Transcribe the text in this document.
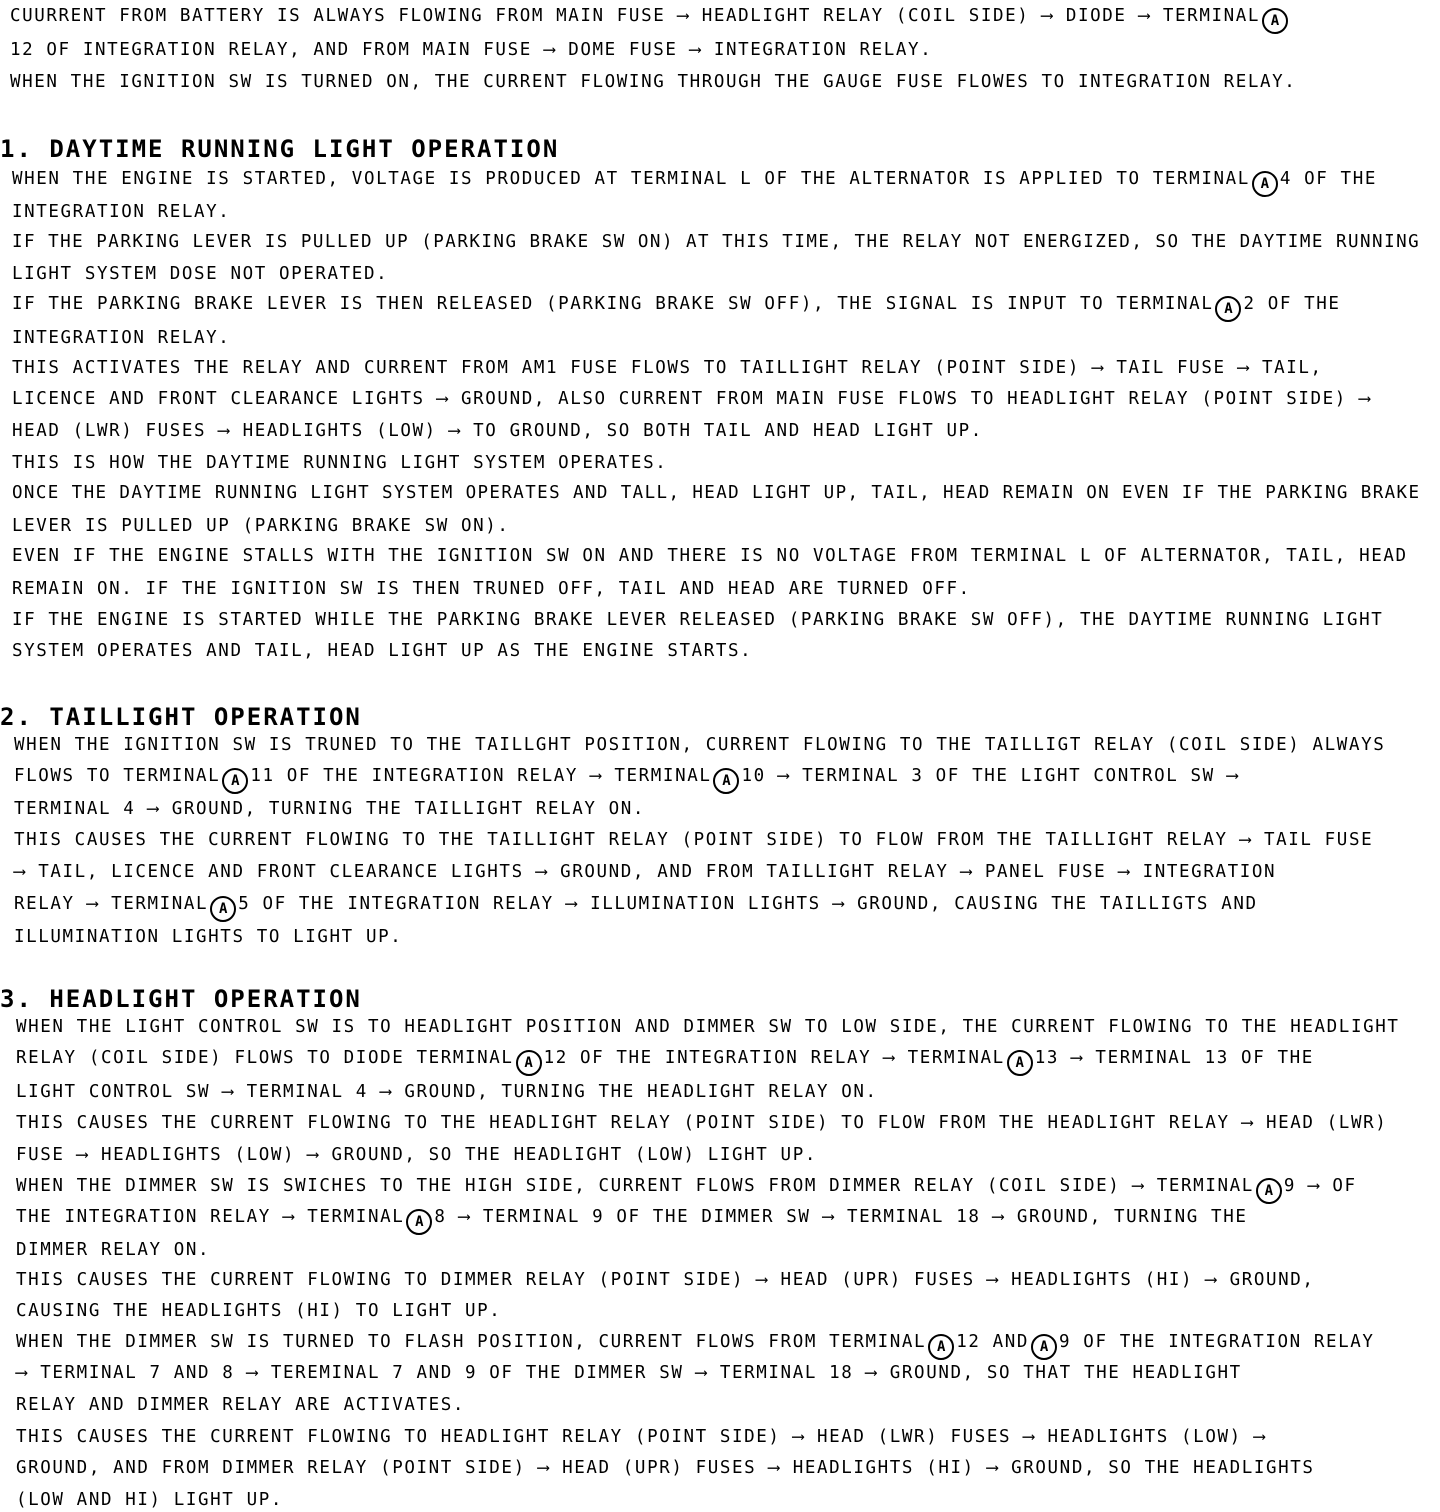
CUURRENT FROM BATTERY IS ALWAYS FLOWING FROM MAIN FUSE ⟶ HEADLIGHT RELAY (COIL SIDE) ⟶ DIODE ⟶ TERMINAL A
12 OF INTEGRATION RELAY, AND FROM MAIN FUSE ⟶ DOME FUSE ⟶ INTEGRATION RELAY.
WHEN THE IGNITION SW IS TURNED ON, THE CURRENT FLOWING THROUGH THE GAUGE FUSE FLOWES TO INTEGRATION RELAY.
1. DAYTIME RUNNING LIGHT OPERATION
WHEN THE ENGINE IS STARTED, VOLTAGE IS PRODUCED AT TERMINAL L OF THE ALTERNATOR IS APPLIED TO TERMINAL A 4 OF THE
INTEGRATION RELAY.
IF THE PARKING LEVER IS PULLED UP (PARKING BRAKE SW ON) AT THIS TIME, THE RELAY NOT ENERGIZED, SO THE DAYTIME RUNNING
LIGHT SYSTEM DOSE NOT OPERATED.
IF THE PARKING BRAKE LEVER IS THEN RELEASED (PARKING BRAKE SW OFF), THE SIGNAL IS INPUT TO TERMINAL A 2 OF THE
INTEGRATION RELAY.
THIS ACTIVATES THE RELAY AND CURRENT FROM AM1 FUSE FLOWS TO TAILLIGHT RELAY (POINT SIDE) ⟶ TAIL FUSE ⟶ TAIL,
LICENCE AND FRONT CLEARANCE LIGHTS ⟶ GROUND, ALSO CURRENT FROM MAIN FUSE FLOWS TO HEADLIGHT RELAY (POINT SIDE) ⟶
HEAD (LWR) FUSES ⟶ HEADLIGHTS (LOW) ⟶ TO GROUND, SO BOTH TAIL AND HEAD LIGHT UP.
THIS IS HOW THE DAYTIME RUNNING LIGHT SYSTEM OPERATES.
ONCE THE DAYTIME RUNNING LIGHT SYSTEM OPERATES AND TALL, HEAD LIGHT UP, TAIL, HEAD REMAIN ON EVEN IF THE PARKING BRAKE
LEVER IS PULLED UP (PARKING BRAKE SW ON).
EVEN IF THE ENGINE STALLS WITH THE IGNITION SW ON AND THERE IS NO VOLTAGE FROM TERMINAL L OF ALTERNATOR, TAIL, HEAD
REMAIN ON. IF THE IGNITION SW IS THEN TRUNED OFF, TAIL AND HEAD ARE TURNED OFF.
IF THE ENGINE IS STARTED WHILE THE PARKING BRAKE LEVER RELEASED (PARKING BRAKE SW OFF), THE DAYTIME RUNNING LIGHT
SYSTEM OPERATES AND TAIL, HEAD LIGHT UP AS THE ENGINE STARTS.
2. TAILLIGHT OPERATION
WHEN THE IGNITION SW IS TRUNED TO THE TAILLGHT POSITION, CURRENT FLOWING TO THE TAILLIGT RELAY (COIL SIDE) ALWAYS
FLOWS TO TERMINAL A 11 OF THE INTEGRATION RELAY ⟶ TERMINAL A 10 ⟶ TERMINAL 3 OF THE LIGHT CONTROL SW ⟶
TERMINAL 4 ⟶ GROUND, TURNING THE TAILLIGHT RELAY ON.
THIS CAUSES THE CURRENT FLOWING TO THE TAILLIGHT RELAY (POINT SIDE) TO FLOW FROM THE TAILLIGHT RELAY ⟶ TAIL FUSE
⟶ TAIL, LICENCE AND FRONT CLEARANCE LIGHTS ⟶ GROUND, AND FROM TAILLIGHT RELAY ⟶ PANEL FUSE ⟶ INTEGRATION
RELAY ⟶ TERMINAL A 5 OF THE INTEGRATION RELAY ⟶ ILLUMINATION LIGHTS ⟶ GROUND, CAUSING THE TAILLIGTS AND
ILLUMINATION LIGHTS TO LIGHT UP.
3. HEADLIGHT OPERATION
WHEN THE LIGHT CONTROL SW IS TO HEADLIGHT POSITION AND DIMMER SW TO LOW SIDE, THE CURRENT FLOWING TO THE HEADLIGHT
RELAY (COIL SIDE) FLOWS TO DIODE TERMINAL A 12 OF THE INTEGRATION RELAY ⟶ TERMINAL A 13 ⟶ TERMINAL 13 OF THE
LIGHT CONTROL SW ⟶ TERMINAL 4 ⟶ GROUND, TURNING THE HEADLIGHT RELAY ON.
THIS CAUSES THE CURRENT FLOWING TO THE HEADLIGHT RELAY (POINT SIDE) TO FLOW FROM THE HEADLIGHT RELAY ⟶ HEAD (LWR)
FUSE ⟶ HEADLIGHTS (LOW) ⟶ GROUND, SO THE HEADLIGHT (LOW) LIGHT UP.
WHEN THE DIMMER SW IS SWICHES TO THE HIGH SIDE, CURRENT FLOWS FROM DIMMER RELAY (COIL SIDE) ⟶ TERMINAL A 9 ⟶ OF
THE INTEGRATION RELAY ⟶ TERMINAL A 8 ⟶ TERMINAL 9 OF THE DIMMER SW ⟶ TERMINAL 18 ⟶ GROUND, TURNING THE
DIMMER RELAY ON.
THIS CAUSES THE CURRENT FLOWING TO DIMMER RELAY (POINT SIDE) ⟶ HEAD (UPR) FUSES ⟶ HEADLIGHTS (HI) ⟶ GROUND,
CAUSING THE HEADLIGHTS (HI) TO LIGHT UP.
WHEN THE DIMMER SW IS TURNED TO FLASH POSITION, CURRENT FLOWS FROM TERMINAL A 12 AND A 9 OF THE INTEGRATION RELAY
⟶ TERMINAL 7 AND 8 ⟶ TEREMINAL 7 AND 9 OF THE DIMMER SW ⟶ TERMINAL 18 ⟶ GROUND, SO THAT THE HEADLIGHT
RELAY AND DIMMER RELAY ARE ACTIVATES.
THIS CAUSES THE CURRENT FLOWING TO HEADLIGHT RELAY (POINT SIDE) ⟶ HEAD (LWR) FUSES ⟶ HEADLIGHTS (LOW) ⟶
GROUND, AND FROM DIMMER RELAY (POINT SIDE) ⟶ HEAD (UPR) FUSES ⟶ HEADLIGHTS (HI) ⟶ GROUND, SO THE HEADLIGHTS
(LOW AND HI) LIGHT UP.
